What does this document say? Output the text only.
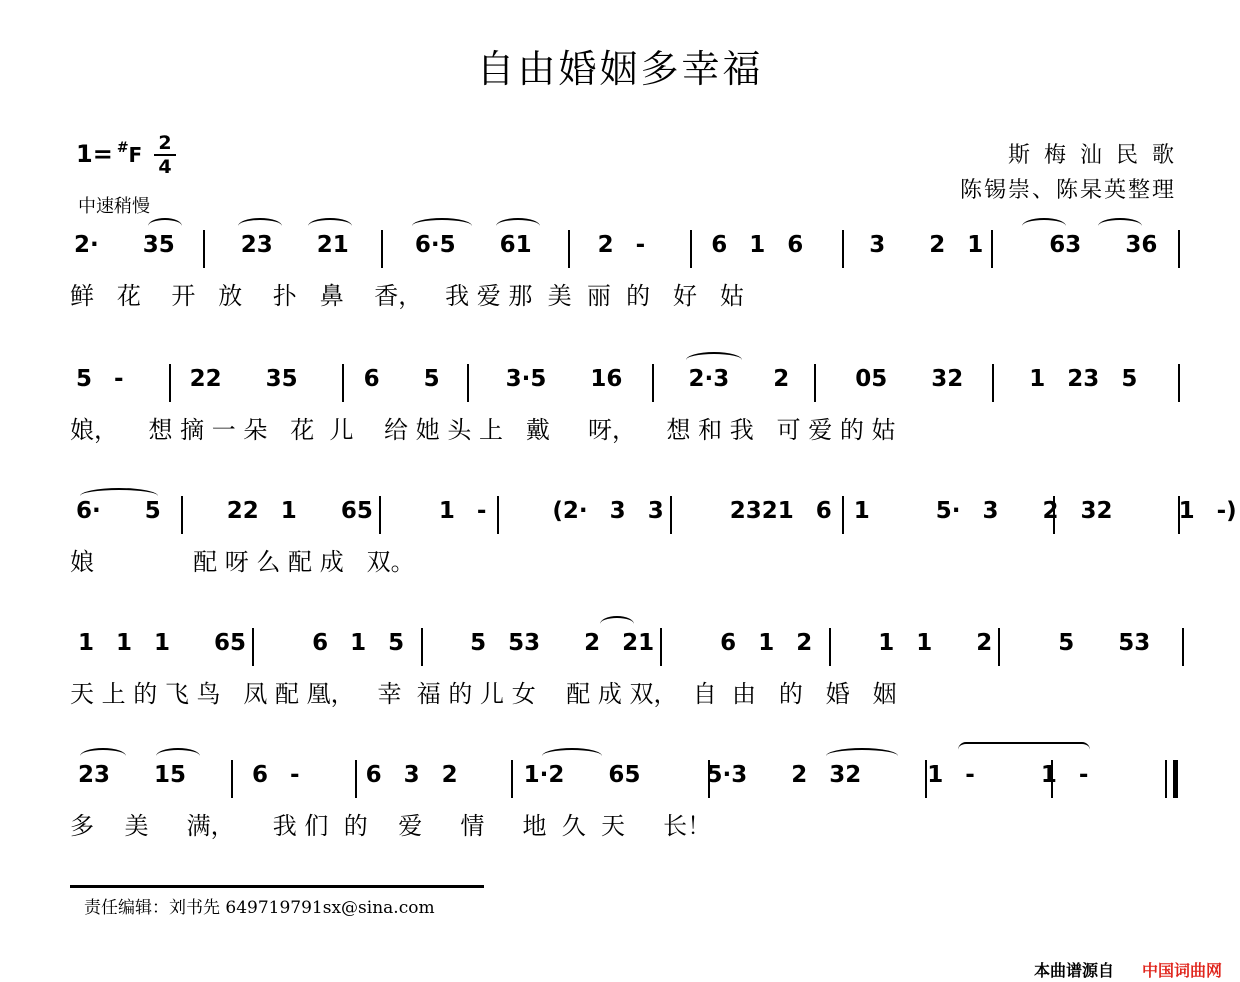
自由婚姻多幸福
1= #F 2
4
中速稍慢
斯梅汕民歌
陈锡崇、陈杲英整理
2·  35   23  21   6·5  61   2 -   6 1 6   3  2 1   63  36
鲜   花    开   放    扑   鼻    香，   我 爱 那  美  丽  的   好   姑
5 -   22  35   6  5   3·5  16   2·3  2   05  32   1 23 5
娘，    想 摘 一 朵   花  儿    给 她 头 上   戴     呀，    想 和 我   可 爱 的 姑
6·  5   22 1  65   1 -   (2· 3 3   2321 6 1   5· 3  2 32   1 -)
娘             配 呀 么 配 成   双。
1 1 1  65   6 1 5   5 53  2 21   6 1 2   1 1  2   5  53
天 上 的 飞 鸟   凤 配 凰，   幸  福 的 儿 女    配 成 双，  自  由   的   婚   姻
23  15   6 -   6 3 2   1·2  65   5·3  2 32   1 -   1 -
多    美     满，     我 们  的    爱     情     地  久  天     长！
责任编辑：刘书先 649719791sx@sina.com
本曲谱源自 中国词曲网
